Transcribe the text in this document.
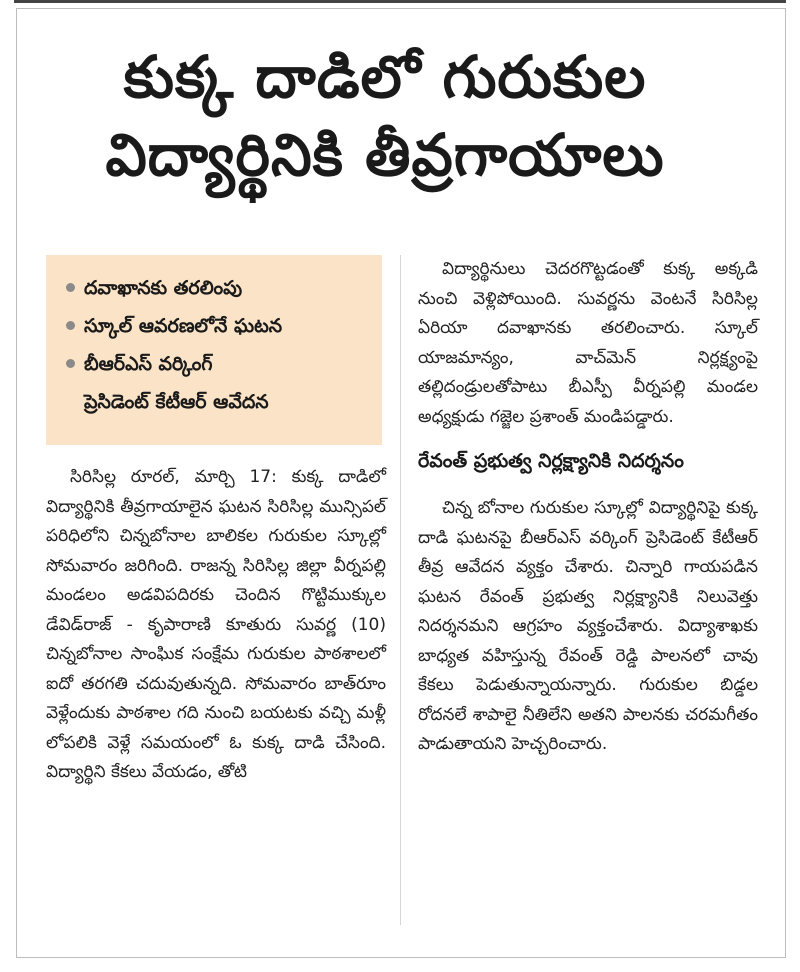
కుక్క దాడిలో గురుకుల
విద్యార్థినికి తీవ్రగాయాలు
దవాఖానకు తరలింపు
స్కూల్ ఆవరణలోనే ఘటన
బీఆర్ఎస్ వర్కింగ్
ప్రెసిడెంట్ కేటీఆర్ ఆవేదన

సిరిసిల్ల రూరల్, మార్చి 17: కుక్క దాడిలో విద్యార్థినికి తీవ్రగాయాలైన ఘటన సిరిసిల్ల మున్సిపల్ పరిధిలోని చిన్నబోనాల బాలికల గురుకుల స్కూల్లో సోమవారం జరిగింది. రాజన్న సిరిసిల్ల జిల్లా వీర్నపల్లి మండలం అడవిపదిరకు చెందిన గొట్టిముక్కుల డేవిడ్‌రాజ్ - కృపారాణి కూతురు సువర్ణ (10) చిన్నబోనాల సాంఘిక సంక్షేమ గురుకుల పాఠశాలలో ఐదో తరగతి చదువుతున్నది. సోమవారం బాత్‌రూం వెళ్లేందుకు పాఠశాల గది నుంచి బయటకు వచ్చి మళ్లీ లోపలికి వెళ్లే సమయంలో ఓ కుక్క దాడి చేసింది. విద్యార్థిని కేకలు వేయడం, తోటి

విద్యార్థినులు చెదరగొట్టడంతో కుక్క అక్కడి నుంచి వెళ్లిపోయింది. సువర్ణను వెంటనే సిరిసిల్ల ఏరియా దవాఖానకు తరలించారు. స్కూల్ యాజమాన్యం, వాచ్‌మెన్ నిర్లక్ష్యంపై తల్లిదండ్రులతోపాటు బీఎస్పీ వీర్నపల్లి మండల అధ్యక్షుడు గజ్జెల ప్రశాంత్ మండిపడ్డారు.

రేవంత్ ప్రభుత్వ నిర్లక్ష్యానికి నిదర్శనం

చిన్న బోనాల గురుకుల స్కూల్లో విద్యార్థినిపై కుక్క దాడి ఘటనపై బీఆర్ఎస్ వర్కింగ్ ప్రెసిడెంట్ కేటీఆర్ తీవ్ర ఆవేదన వ్యక్తం చేశారు. చిన్నారి గాయపడిన ఘటన రేవంత్ ప్రభుత్వ నిర్లక్ష్యానికి నిలువెత్తు నిదర్శనమని ఆగ్రహం వ్యక్తంచేశారు. విద్యాశాఖకు బాధ్యత వహిస్తున్న రేవంత్ రెడ్డి పాలనలో చావు కేకలు పెడుతున్నాయన్నారు. గురుకుల బిడ్డల రోదనలే శాపాలై నీతిలేని అతని పాలనకు చరమగీతం పాడుతాయని హెచ్చరించారు.
